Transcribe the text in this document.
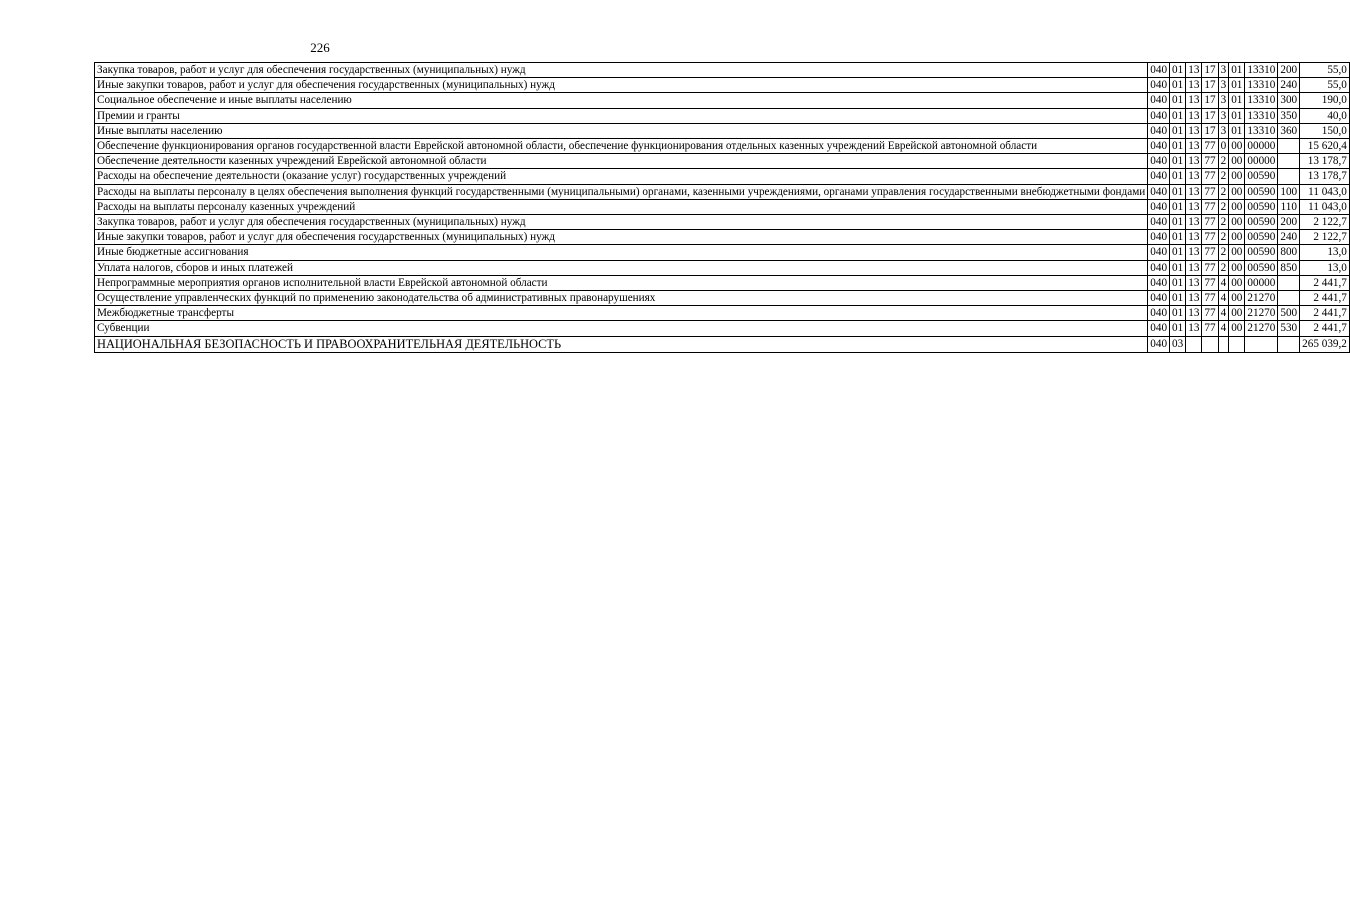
226
Закупка товаров, работ и услуг для обеспечения государственных (муниципальных) нужд	040	01	13	17	3	01	13310	200	55,0
Иные закупки товаров, работ и услуг для обеспечения государственных (муниципальных) нужд	040	01	13	17	3	01	13310	240	55,0
Социальное обеспечение и иные выплаты населению	040	01	13	17	3	01	13310	300	190,0
Премии и гранты	040	01	13	17	3	01	13310	350	40,0
Иные выплаты населению	040	01	13	17	3	01	13310	360	150,0
Обеспечение функционирования органов государственной власти Еврейской автономной области, обеспечение функционирования отдельных казенных учреждений Еврейской автономной области	040	01	13	77	0	00	00000		15 620,4
Обеспечение деятельности казенных учреждений Еврейской автономной области	040	01	13	77	2	00	00000		13 178,7
Расходы на обеспечение деятельности (оказание услуг) государственных учреждений	040	01	13	77	2	00	00590		13 178,7
Расходы на выплаты персоналу в целях обеспечения выполнения функций государственными (муниципальными) органами, казенными учреждениями, органами управления государственными внебюджетными фондами	040	01	13	77	2	00	00590	100	11 043,0
Расходы на выплаты персоналу казенных учреждений	040	01	13	77	2	00	00590	110	11 043,0
Закупка товаров, работ и услуг для обеспечения государственных (муниципальных) нужд	040	01	13	77	2	00	00590	200	2 122,7
Иные закупки товаров, работ и услуг для обеспечения государственных (муниципальных) нужд	040	01	13	77	2	00	00590	240	2 122,7
Иные бюджетные ассигнования	040	01	13	77	2	00	00590	800	13,0
Уплата налогов, сборов и иных платежей	040	01	13	77	2	00	00590	850	13,0
Непрограммные мероприятия органов исполнительной власти Еврейской автономной области	040	01	13	77	4	00	00000		2 441,7
Осуществление управленческих функций по применению законодательства об административных правонарушениях	040	01	13	77	4	00	21270		2 441,7
Межбюджетные трансферты	040	01	13	77	4	00	21270	500	2 441,7
Субвенции	040	01	13	77	4	00	21270	530	2 441,7
НАЦИОНАЛЬНАЯ БЕЗОПАСНОСТЬ И ПРАВООХРАНИТЕЛЬНАЯ ДЕЯТЕЛЬНОСТЬ	040	03							265 039,2
